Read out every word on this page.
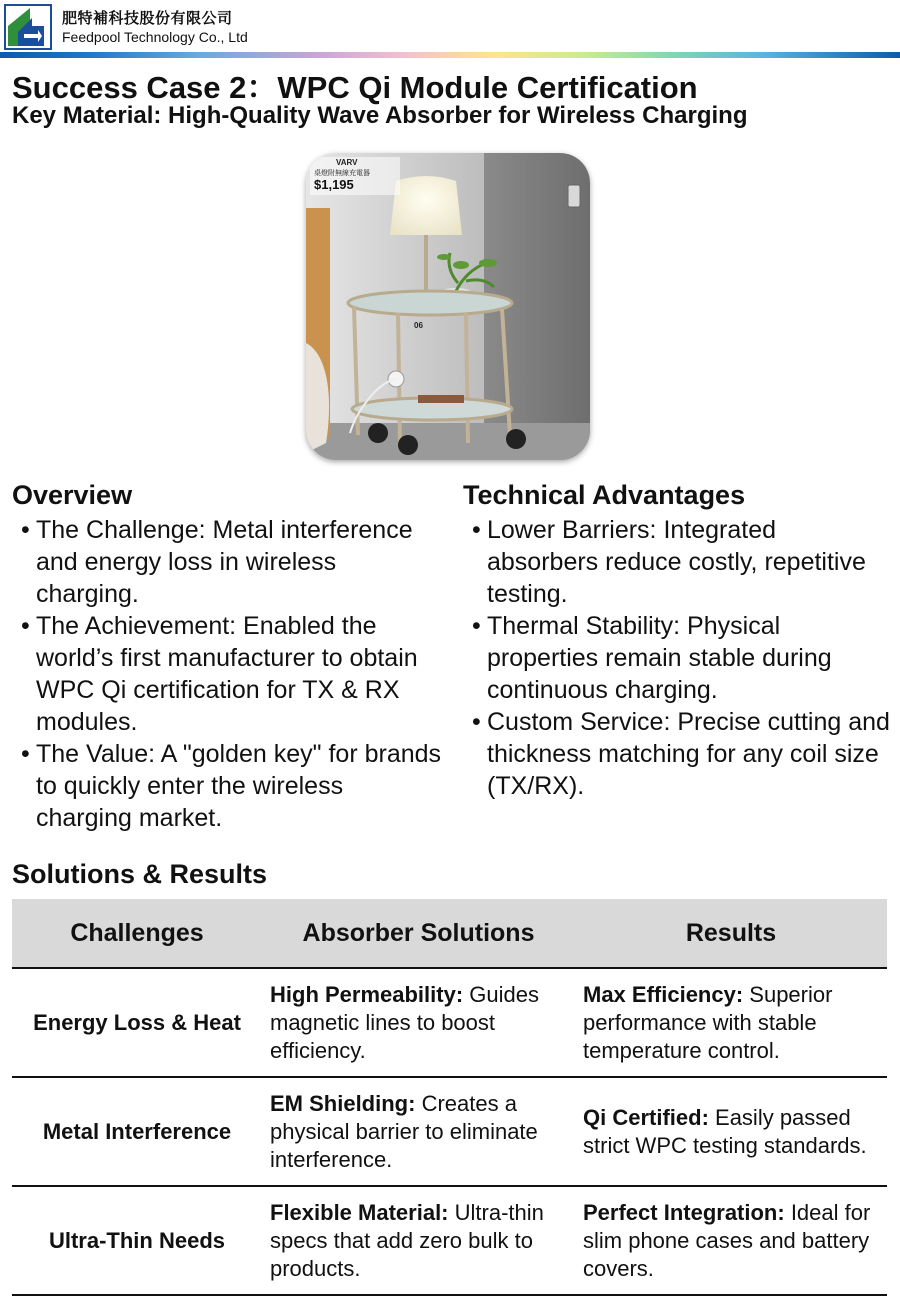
肥特補科技股份有限公司
Feedpool Technology Co., Ltd
Success Case 2：WPC Qi Module Certification
Key Material: High-Quality Wave Absorber for Wireless Charging
06
VARV
桌燈附無線充電器
$1,195
Overview
• The Challenge: Metal interference and energy loss in wireless charging.
• The Achievement: Enabled the world’s first manufacturer to obtain WPC Qi certification for TX & RX modules.
• The Value: A "golden key" for brands to quickly enter the wireless charging market.
Technical Advantages
• Lower Barriers: Integrated absorbers reduce costly, repetitive testing.
• Thermal Stability: Physical properties remain stable during continuous charging.
• Custom Service: Precise cutting and thickness matching for any coil size (TX/RX).
Solutions & Results
Challenges	Absorber Solutions	Results
Energy Loss & Heat	High Permeability: Guides magnetic lines to boost efficiency.	Max Efficiency: Superior performance with stable temperature control.
Metal Interference	EM Shielding: Creates a physical barrier to eliminate interference.	Qi Certified: Easily passed strict WPC testing standards.
Ultra-Thin Needs	Flexible Material: Ultra-thin specs that add zero bulk to products.	Perfect Integration: Ideal for slim phone cases and battery covers.
